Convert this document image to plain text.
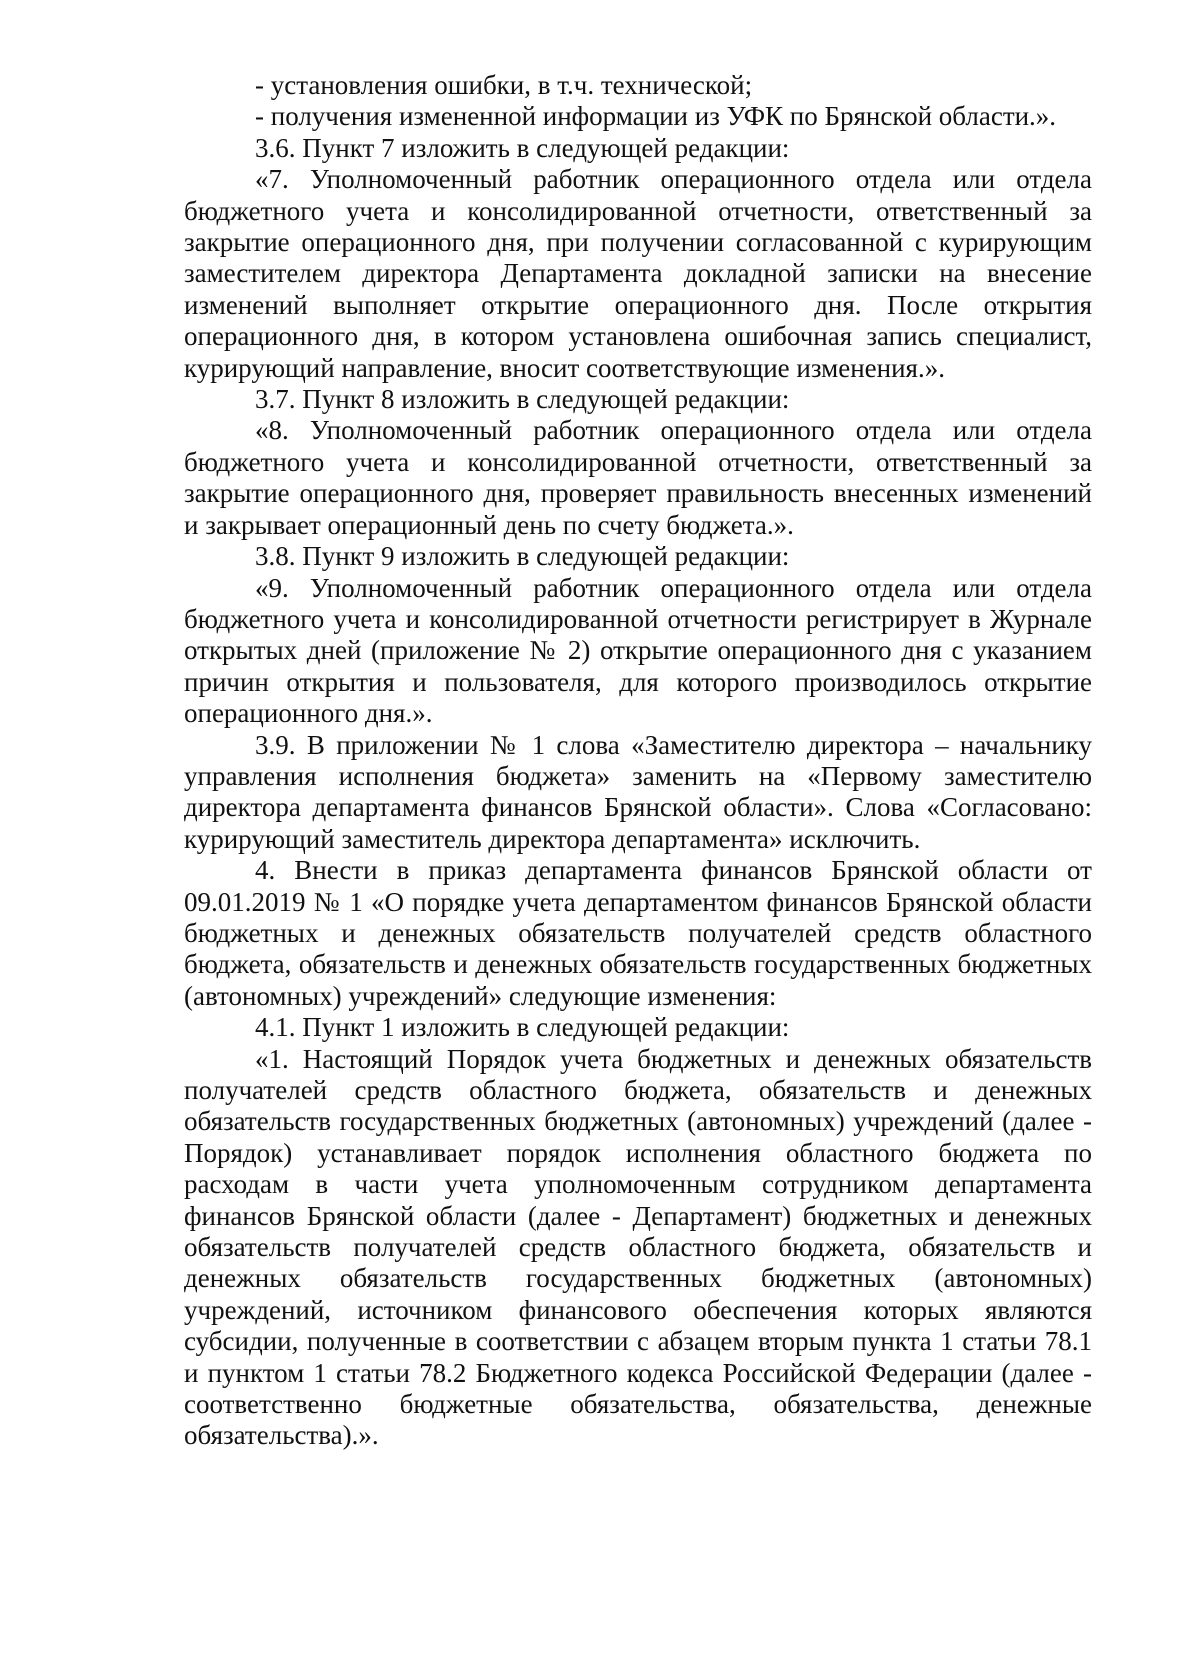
- установления ошибки, в т.ч. технической;

- получения измененной информации из УФК по Брянской области.».

3.6. Пункт 7 изложить в следующей редакции:

«7. Уполномоченный работник операционного отдела или отдела бюджетного учета и консолидированной отчетности, ответственный за закрытие операционного дня, при получении согласованной с курирующим заместителем директора Департамента докладной записки на внесение изменений выполняет открытие операционного дня. После открытия операционного дня, в котором установлена ошибочная запись специалист, курирующий направление, вносит соответствующие изменения.».

3.7. Пункт 8 изложить в следующей редакции:

«8. Уполномоченный работник операционного отдела или отдела бюджетного учета и консолидированной отчетности, ответственный за закрытие операционного дня, проверяет правильность внесенных изменений и закрывает операционный день по счету бюджета.».

3.8. Пункт 9 изложить в следующей редакции:

«9. Уполномоченный работник операционного отдела или отдела бюджетного учета и консолидированной отчетности регистрирует в Журнале открытых дней (приложение № 2) открытие операционного дня с указанием причин открытия и пользователя, для которого производилось открытие операционного дня.».

3.9. В приложении № 1 слова «Заместителю директора – начальнику управления исполнения бюджета» заменить на «Первому заместителю директора департамента финансов Брянской области». Слова «Согласовано: курирующий заместитель директора департамента» исключить.

4. Внести в приказ департамента финансов Брянской области от 09.01.2019 № 1 «О порядке учета департаментом финансов Брянской области бюджетных и денежных обязательств получателей средств областного бюджета, обязательств и денежных обязательств государственных бюджетных (автономных) учреждений» следующие изменения:

4.1. Пункт 1 изложить в следующей редакции:

«1. Настоящий Порядок учета бюджетных и денежных обязательств получателей средств областного бюджета, обязательств и денежных обязательств государственных бюджетных (автономных) учреждений (далее - Порядок) устанавливает порядок исполнения областного бюджета по расходам в части учета уполномоченным сотрудником департамента финансов Брянской области (далее - Департамент) бюджетных и денежных обязательств получателей средств областного бюджета, обязательств и денежных обязательств государственных бюджетных (автономных) учреждений, источником финансового обеспечения которых являются субсидии, полученные в соответствии с абзацем вторым пункта 1 статьи 78.1 и пунктом 1 статьи 78.2 Бюджетного кодекса Российской Федерации (далее - соответственно бюджетные обязательства, обязательства, денежные обязательства).».
